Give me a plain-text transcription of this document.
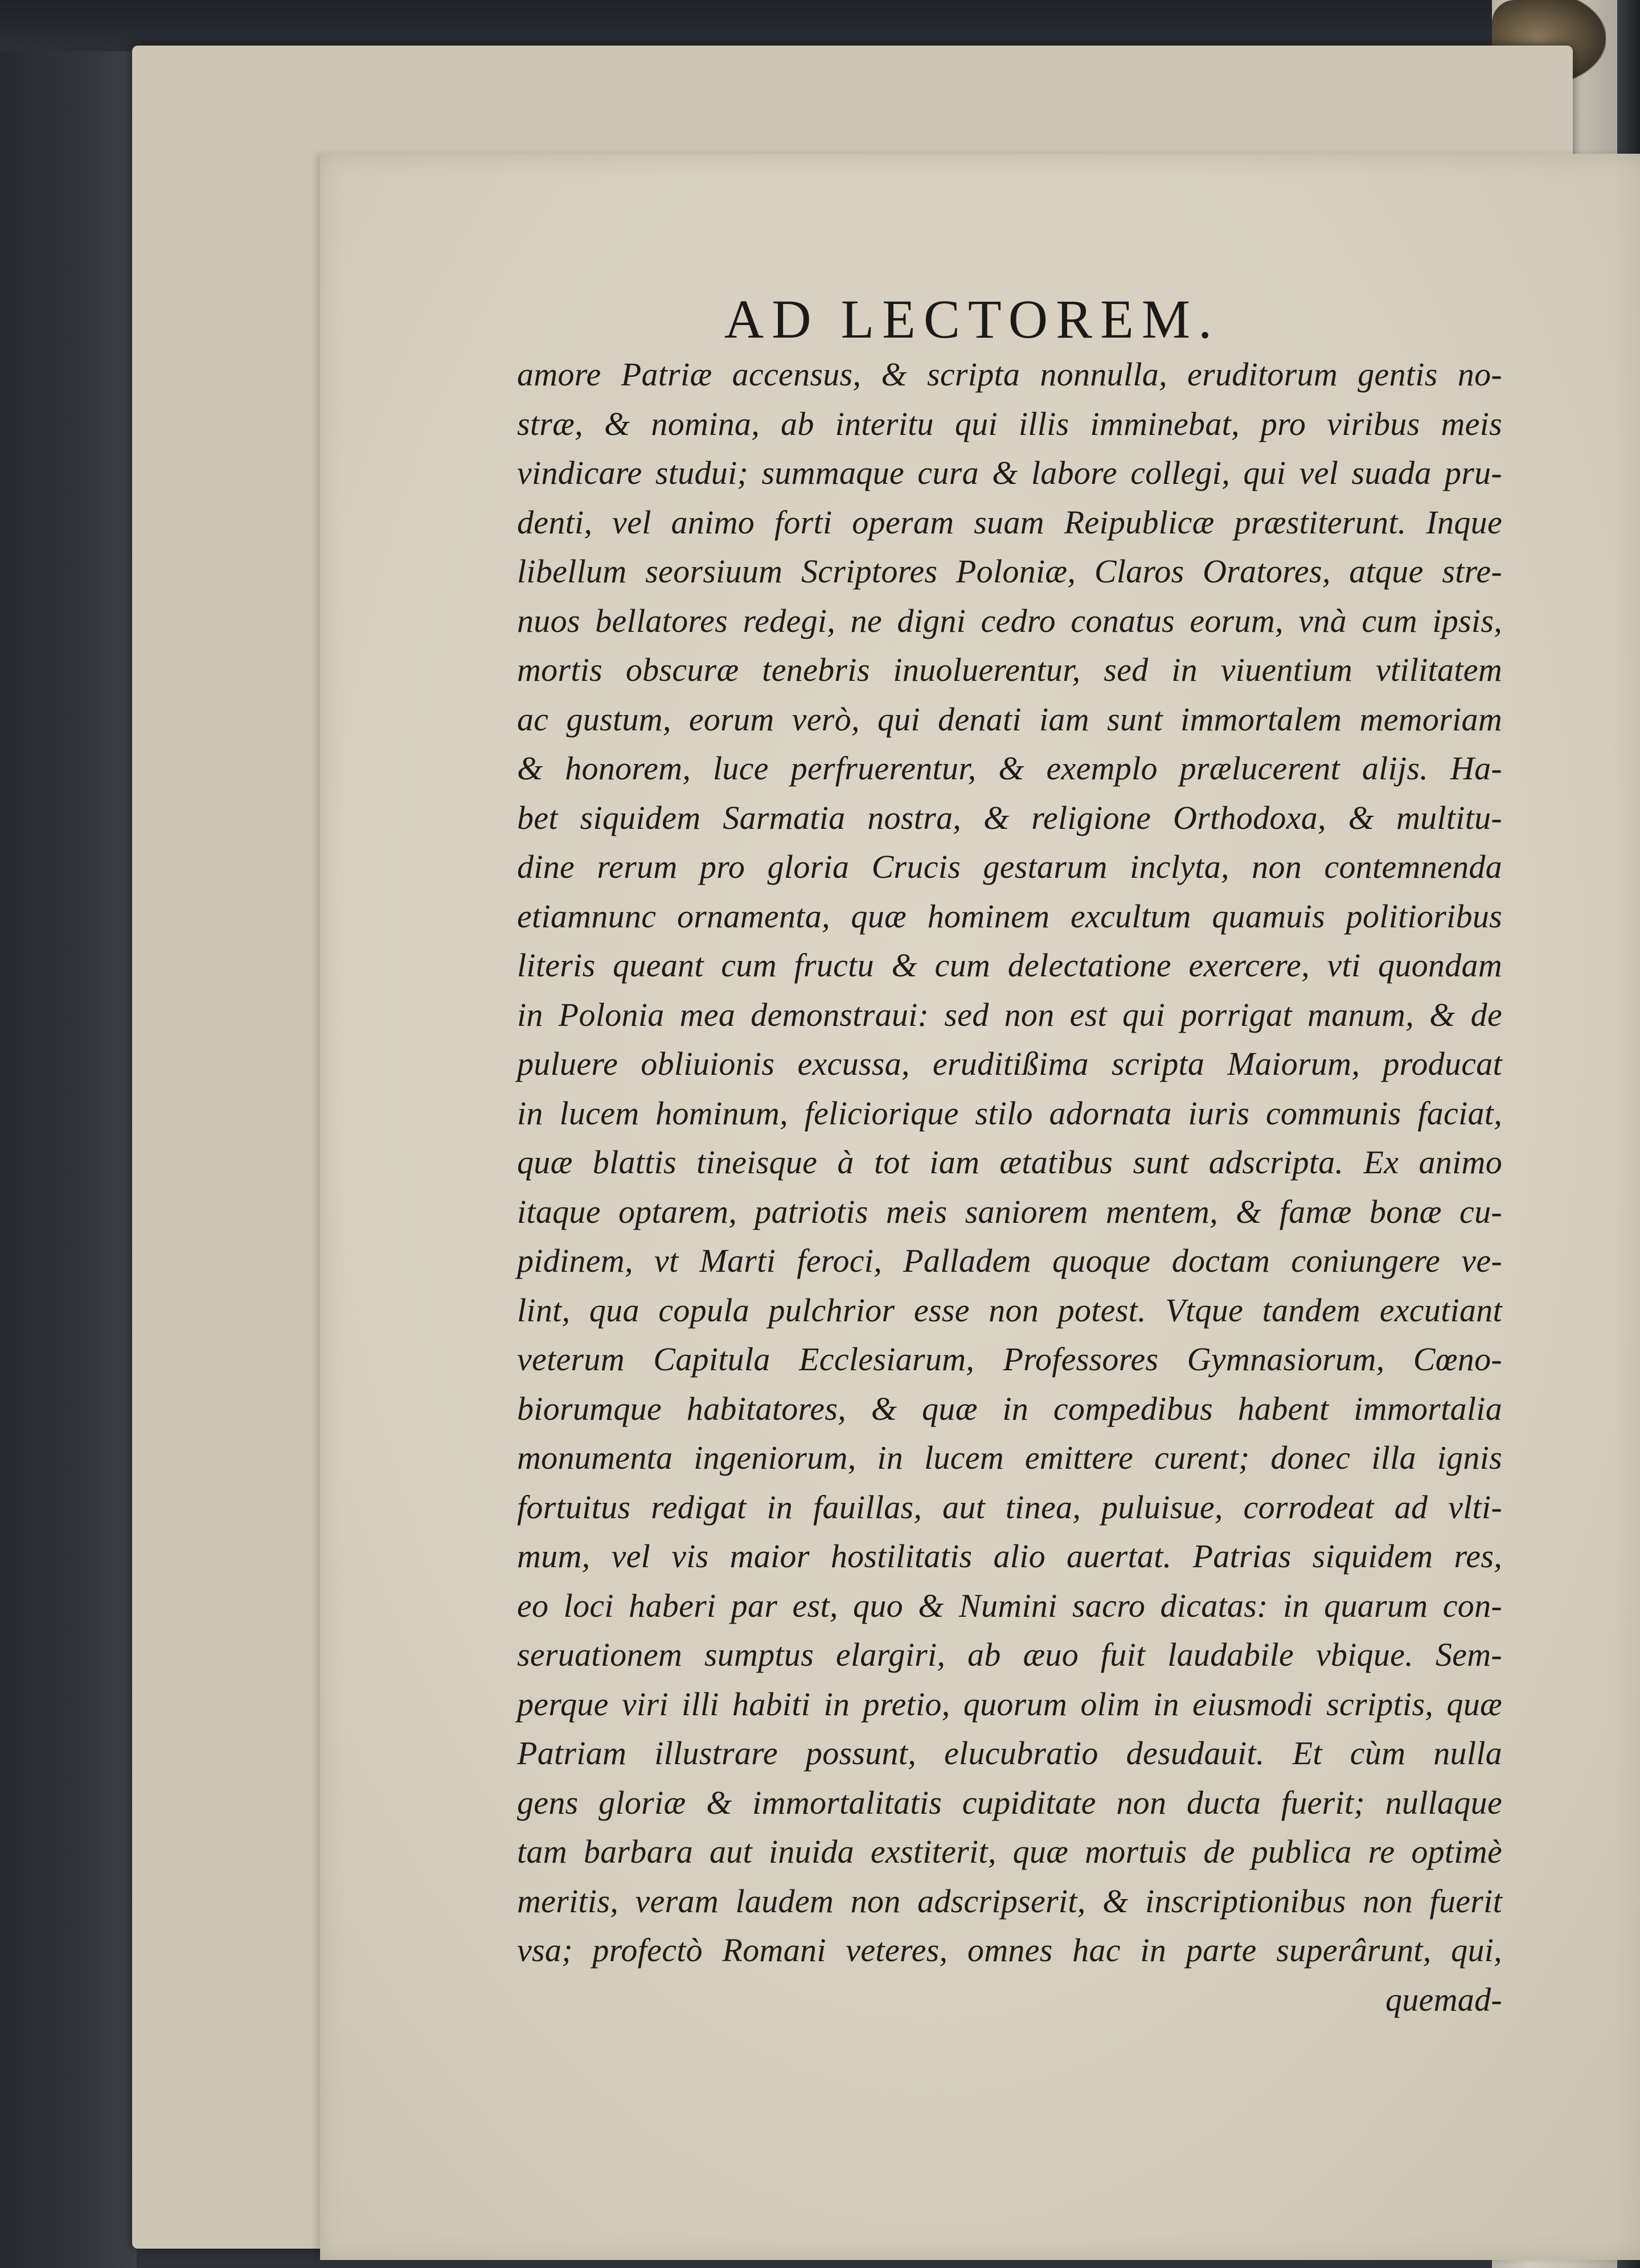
AD LECTOREM.
amore Patriæ accensus, & scripta nonnulla, eruditorum gentis no-
stræ, & nomina, ab interitu qui illis imminebat, pro viribus meis
vindicare studui; summaque cura & labore collegi, qui vel suada pru-
denti, vel animo forti operam suam Reipublicæ præstiterunt. Inque
libellum seorsiuum Scriptores Poloniæ, Claros Oratores, atque stre-
nuos bellatores redegi, ne digni cedro conatus eorum, vnà cum ipsis,
mortis obscuræ tenebris inuoluerentur, sed in viuentium vtilitatem
ac gustum, eorum verò, qui denati iam sunt immortalem memoriam
& honorem, luce perfruerentur, & exemplo prælucerent alijs. Ha-
bet siquidem Sarmatia nostra, & religione Orthodoxa, & multitu-
dine rerum pro gloria Crucis gestarum inclyta, non contemnenda
etiamnunc ornamenta, quæ hominem excultum quamuis politioribus
literis queant cum fructu & cum delectatione exercere, vti quondam
in Polonia mea demonstraui: sed non est qui porrigat manum, & de
puluere obliuionis excussa, eruditißima scripta Maiorum, producat
in lucem hominum, feliciorique stilo adornata iuris communis faciat,
quæ blattis tineisque à tot iam ætatibus sunt adscripta. Ex animo
itaque optarem, patriotis meis saniorem mentem, & famæ bonæ cu-
pidinem, vt Marti feroci, Palladem quoque doctam coniungere ve-
lint, qua copula pulchrior esse non potest. Vtque tandem excutiant
veterum Capitula Ecclesiarum, Professores Gymnasiorum, Cœno-
biorumque habitatores, & quæ in compedibus habent immortalia
monumenta ingeniorum, in lucem emittere curent; donec illa ignis
fortuitus redigat in fauillas, aut tinea, puluisue, corrodeat ad vlti-
mum, vel vis maior hostilitatis alio auertat. Patrias siquidem res,
eo loci haberi par est, quo & Numini sacro dicatas: in quarum con-
seruationem sumptus elargiri, ab æuo fuit laudabile vbique. Sem-
perque viri illi habiti in pretio, quorum olim in eiusmodi scriptis, quæ
Patriam illustrare possunt, elucubratio desudauit. Et cùm nulla
gens gloriæ & immortalitatis cupiditate non ducta fuerit; nullaque
tam barbara aut inuida exstiterit, quæ mortuis de publica re optimè
meritis, veram laudem non adscripserit, & inscriptionibus non fuerit
vsa; profectò Romani veteres, omnes hac in parte superârunt, qui,
quemad-
